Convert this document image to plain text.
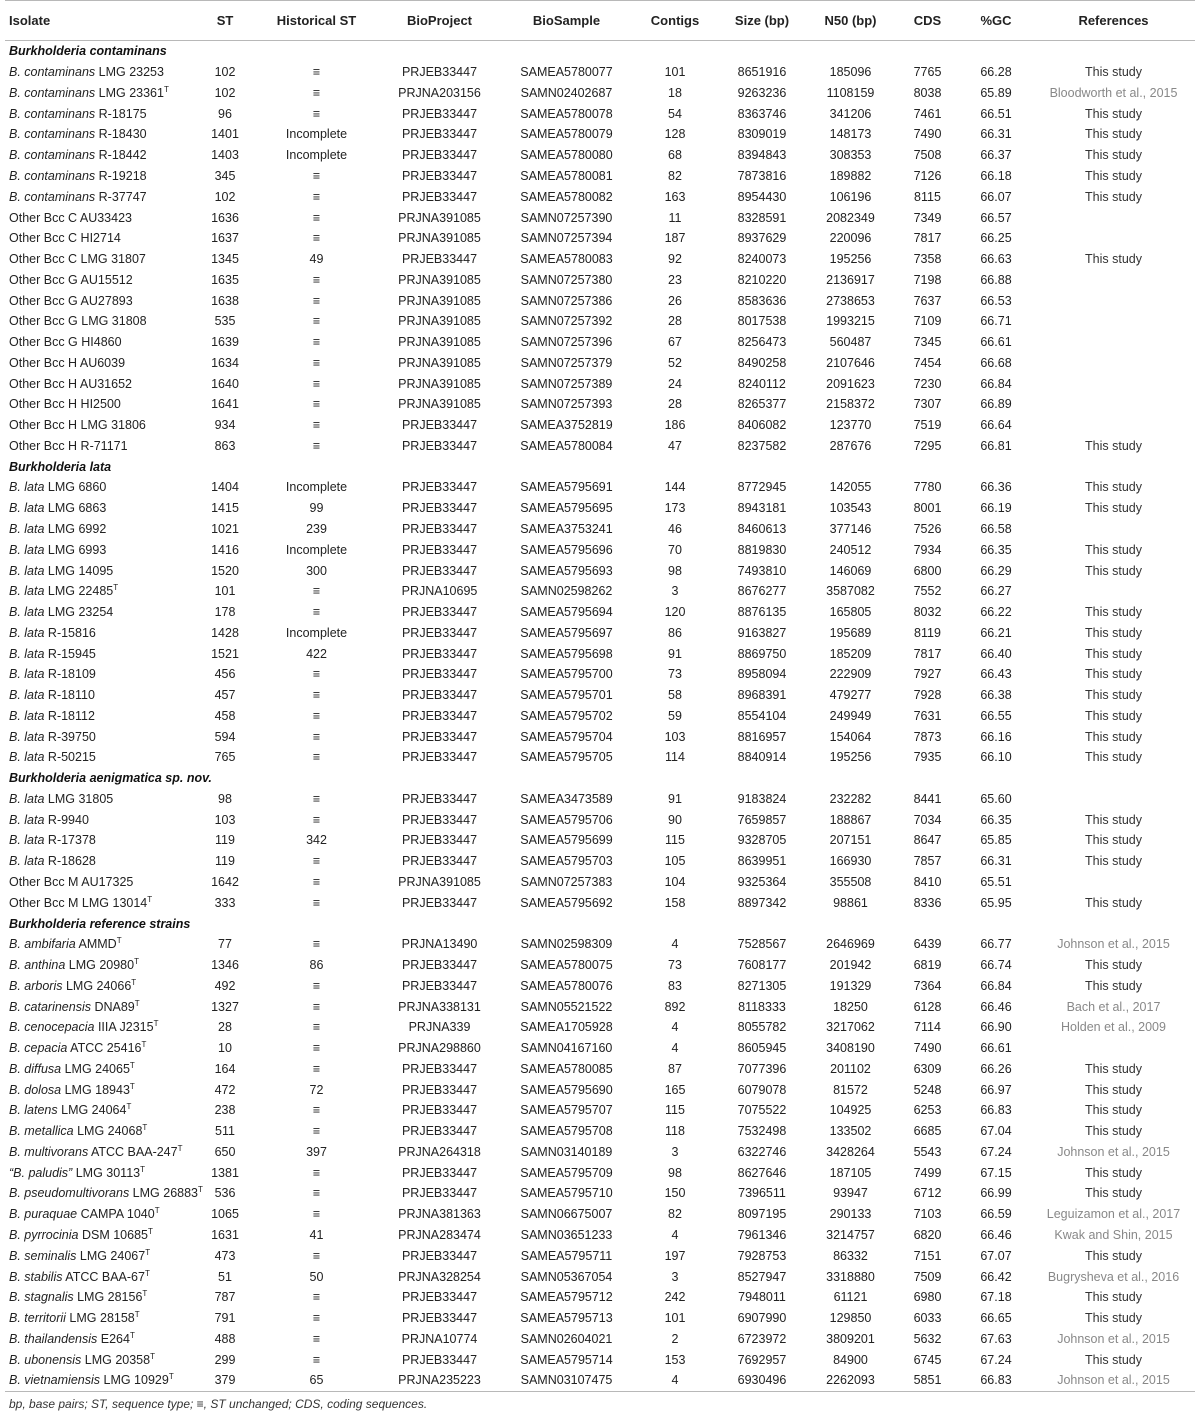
Isolate	ST	Historical ST	BioProject	BioSample	Contigs	Size (bp)	N50 (bp)	CDS	%GC	References
Burkholderia contaminans										
B. contaminans LMG 23253	102	≡	PRJEB33447	SAMEA5780077	101	8651916	185096	7765	66.28	This study
B. contaminans LMG $23361^T$	102	≡	PRJNA203156	SAMN02402687	18	9263236	1108159	8038	65.89	Bloodworth et al., 2015
B. contaminans R-18175	96	≡	PRJEB33447	SAMEA5780078	54	8363746	341206	7461	66.51	This study
B. contaminans R-18430	1401	Incomplete	PRJEB33447	SAMEA5780079	128	8309019	148173	7490	66.31	This study
B. contaminans R-18442	1403	Incomplete	PRJEB33447	SAMEA5780080	68	8394843	308353	7508	66.37	This study
B. contaminans R-19218	345	≡	PRJEB33447	SAMEA5780081	82	7873816	189882	7126	66.18	This study
B. contaminans R-37747	102	≡	PRJEB33447	SAMEA5780082	163	8954430	106196	8115	66.07	This study
Other Bcc C AU33423	1636	≡	PRJNA391085	SAMN07257390	11	8328591	2082349	7349	66.57	
Other Bcc C HI2714	1637	≡	PRJNA391085	SAMN07257394	187	8937629	220096	7817	66.25	
Other Bcc C LMG 31807	1345	49	PRJEB33447	SAMEA5780083	92	8240073	195256	7358	66.63	This study
Other Bcc G AU15512	1635	≡	PRJNA391085	SAMN07257380	23	8210220	2136917	7198	66.88	
Other Bcc G AU27893	1638	≡	PRJNA391085	SAMN07257386	26	8583636	2738653	7637	66.53	
Other Bcc G LMG 31808	535	≡	PRJNA391085	SAMN07257392	28	8017538	1993215	7109	66.71	
Other Bcc G HI4860	1639	≡	PRJNA391085	SAMN07257396	67	8256473	560487	7345	66.61	
Other Bcc H AU6039	1634	≡	PRJNA391085	SAMN07257379	52	8490258	2107646	7454	66.68	
Other Bcc H AU31652	1640	≡	PRJNA391085	SAMN07257389	24	8240112	2091623	7230	66.84	
Other Bcc H HI2500	1641	≡	PRJNA391085	SAMN07257393	28	8265377	2158372	7307	66.89	
Other Bcc H LMG 31806	934	≡	PRJEB33447	SAMEA3752819	186	8406082	123770	7519	66.64	
Other Bcc H R-71171	863	≡	PRJEB33447	SAMEA5780084	47	8237582	287676	7295	66.81	This study
Burkholderia lata										
B. lata LMG 6860	1404	Incomplete	PRJEB33447	SAMEA5795691	144	8772945	142055	7780	66.36	This study
B. lata LMG 6863	1415	99	PRJEB33447	SAMEA5795695	173	8943181	103543	8001	66.19	This study
B. lata LMG 6992	1021	239	PRJEB33447	SAMEA3753241	46	8460613	377146	7526	66.58	
B. lata LMG 6993	1416	Incomplete	PRJEB33447	SAMEA5795696	70	8819830	240512	7934	66.35	This study
B. lata LMG 14095	1520	300	PRJEB33447	SAMEA5795693	98	7493810	146069	6800	66.29	This study
B. lata LMG $22485^T$	101	≡	PRJNA10695	SAMN02598262	3	8676277	3587082	7552	66.27	
B. lata LMG 23254	178	≡	PRJEB33447	SAMEA5795694	120	8876135	165805	8032	66.22	This study
B. lata R-15816	1428	Incomplete	PRJEB33447	SAMEA5795697	86	9163827	195689	8119	66.21	This study
B. lata R-15945	1521	422	PRJEB33447	SAMEA5795698	91	8869750	185209	7817	66.40	This study
B. lata R-18109	456	≡	PRJEB33447	SAMEA5795700	73	8958094	222909	7927	66.43	This study
B. lata R-18110	457	≡	PRJEB33447	SAMEA5795701	58	8968391	479277	7928	66.38	This study
B. lata R-18112	458	≡	PRJEB33447	SAMEA5795702	59	8554104	249949	7631	66.55	This study
B. lata R-39750	594	≡	PRJEB33447	SAMEA5795704	103	8816957	154064	7873	66.16	This study
B. lata R-50215	765	≡	PRJEB33447	SAMEA5795705	114	8840914	195256	7935	66.10	This study
Burkholderia aenigmatica sp. nov.										
B. lata LMG 31805	98	≡	PRJEB33447	SAMEA3473589	91	9183824	232282	8441	65.60	
B. lata R-9940	103	≡	PRJEB33447	SAMEA5795706	90	7659857	188867	7034	66.35	This study
B. lata R-17378	119	342	PRJEB33447	SAMEA5795699	115	9328705	207151	8647	65.85	This study
B. lata R-18628	119	≡	PRJEB33447	SAMEA5795703	105	8639951	166930	7857	66.31	This study
Other Bcc M AU17325	1642	≡	PRJNA391085	SAMN07257383	104	9325364	355508	8410	65.51	
Other Bcc M LMG $13014^T$	333	≡	PRJEB33447	SAMEA5795692	158	8897342	98861	8336	65.95	This study
Burkholderia reference strains										
B. ambifaria $AMMD^T$	77	≡	PRJNA13490	SAMN02598309	4	7528567	2646969	6439	66.77	Johnson et al., 2015
B. anthina LMG $20980^T$	1346	86	PRJEB33447	SAMEA5780075	73	7608177	201942	6819	66.74	This study
B. arboris LMG $24066^T$	492	≡	PRJEB33447	SAMEA5780076	83	8271305	191329	7364	66.84	This study
B. catarinensis $DNA89^T$	1327	≡	PRJNA338131	SAMN05521522	892	8118333	18250	6128	66.46	Bach et al., 2017
B. cenocepacia IIIA $J2315^T$	28	≡	PRJNA339	SAMEA1705928	4	8055782	3217062	7114	66.90	Holden et al., 2009
B. cepacia ATCC $25416^T$	10	≡	PRJNA298860	SAMN04167160	4	8605945	3408190	7490	66.61	
B. diffusa LMG $24065^T$	164	≡	PRJEB33447	SAMEA5780085	87	7077396	201102	6309	66.26	This study
B. dolosa LMG $18943^T$	472	72	PRJEB33447	SAMEA5795690	165	6079078	81572	5248	66.97	This study
B. latens LMG $24064^T$	238	≡	PRJEB33447	SAMEA5795707	115	7075522	104925	6253	66.83	This study
B. metallica LMG $24068^T$	511	≡	PRJEB33447	SAMEA5795708	118	7532498	133502	6685	67.04	This study
B. multivorans ATCC BAA-$247^T$	650	397	PRJNA264318	SAMN03140189	3	6322746	3428264	5543	67.24	Johnson et al., 2015
“B. paludis” LMG $30113^T$	1381	≡	PRJEB33447	SAMEA5795709	98	8627646	187105	7499	67.15	This study
B. pseudomultivorans LMG $26883^T$	536	≡	PRJEB33447	SAMEA5795710	150	7396511	93947	6712	66.99	This study
B. puraquae CAMPA $1040^T$	1065	≡	PRJNA381363	SAMN06675007	82	8097195	290133	7103	66.59	Leguizamon et al., 2017
B. pyrrocinia DSM $10685^T$	1631	41	PRJNA283474	SAMN03651233	4	7961346	3214757	6820	66.46	Kwak and Shin, 2015
B. seminalis LMG $24067^T$	473	≡	PRJEB33447	SAMEA5795711	197	7928753	86332	7151	67.07	This study
B. stabilis ATCC BAA-$67^T$	51	50	PRJNA328254	SAMN05367054	3	8527947	3318880	7509	66.42	Bugrysheva et al., 2016
B. stagnalis LMG $28156^T$	787	≡	PRJEB33447	SAMEA5795712	242	7948011	61121	6980	67.18	This study
B. territorii LMG $28158^T$	791	≡	PRJEB33447	SAMEA5795713	101	6907990	129850	6033	66.65	This study
B. thailandensis $E264^T$	488	≡	PRJNA10774	SAMN02604021	2	6723972	3809201	5632	67.63	Johnson et al., 2015
B. ubonensis LMG $20358^T$	299	≡	PRJEB33447	SAMEA5795714	153	7692957	84900	6745	67.24	This study
B. vietnamiensis LMG $10929^T$	379	65	PRJNA235223	SAMN03107475	4	6930496	2262093	5851	66.83	Johnson et al., 2015
bp, base pairs; ST, sequence type; ≡, ST unchanged; CDS, coding sequences.
